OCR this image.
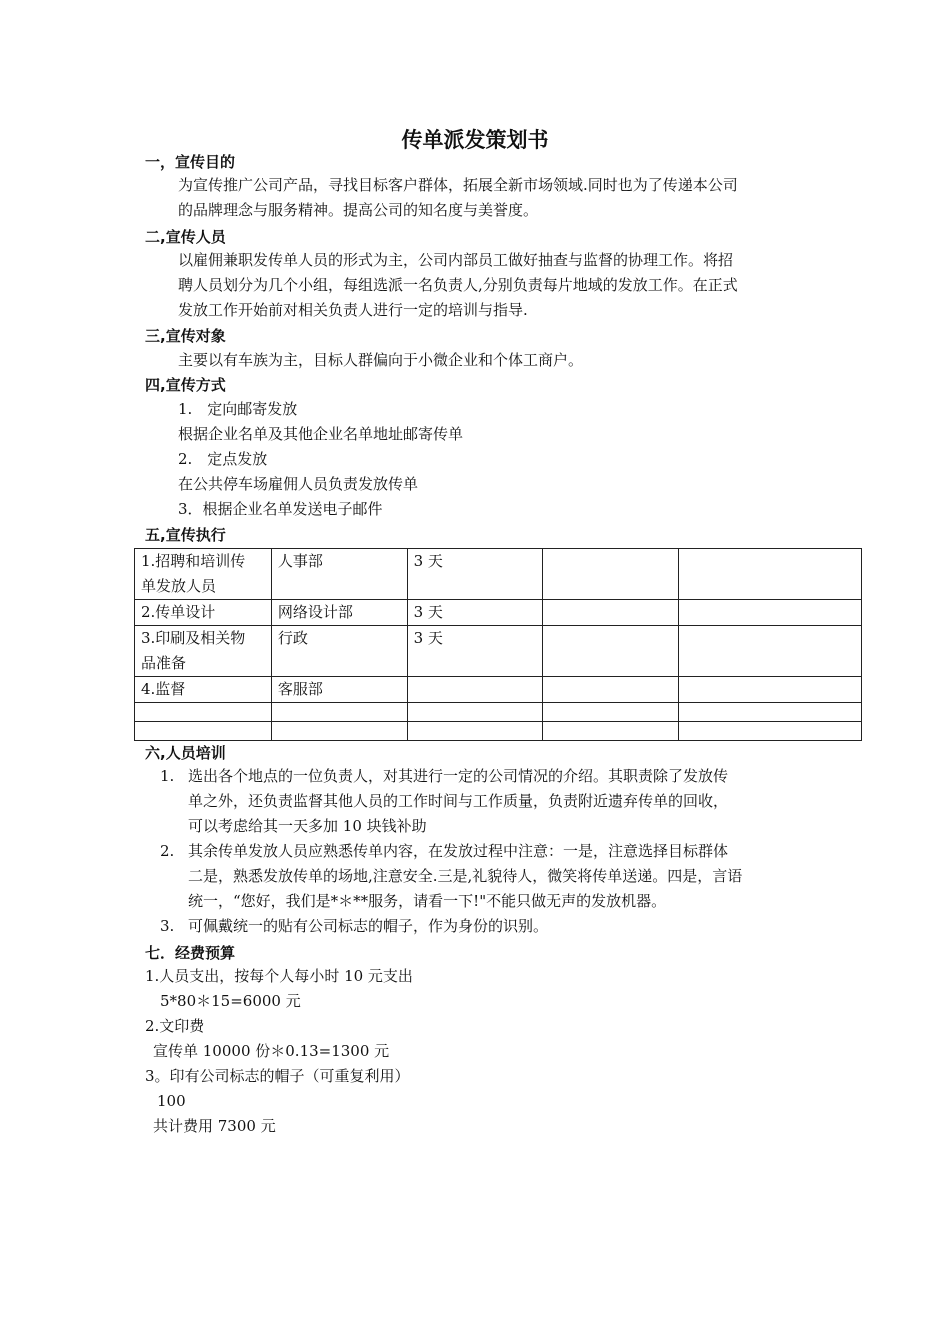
传单派发策划书
一，宣传目的
为宣传推广公司产品，寻找目标客户群体，拓展全新市场领域.同时也为了传递本公司
的品牌理念与服务精神。提高公司的知名度与美誉度。
二,宣传人员
以雇佣兼职发传单人员的形式为主，公司内部员工做好抽查与监督的协理工作。将招
聘人员划分为几个小组，每组选派一名负责人,分别负责每片地域的发放工作。在正式
发放工作开始前对相关负责人进行一定的培训与指导.
三,宣传对象
主要以有车族为主，目标人群偏向于小微企业和个体工商户。
四,宣传方式
1.　定向邮寄发放
根据企业名单及其他企业名单地址邮寄传单
2.　定点发放
在公共停车场雇佣人员负责发放传单
3．根据企业名单发送电子邮件
五,宣传执行
1.招聘和培训传
单发放人员	人事部	3 天		
2.传单设计	网络设计部	3 天		

3.印刷及相关物
品准备	行政	3 天		
4.监督	客服部			

六,人员培训
1. 选出各个地点的一位负责人，对其进行一定的公司情况的介绍。其职责除了发放传
单之外，还负责监督其他人员的工作时间与工作质量，负责附近遗弃传单的回收，
可以考虑给其一天多加 10 块钱补助
2. 其余传单发放人员应熟悉传单内容，在发放过程中注意：一是，注意选择目标群体
二是，熟悉发放传单的场地,注意安全.三是,礼貌待人，微笑将传单送递。四是，言语
统一，“您好，我们是*＊**服务，请看一下!"不能只做无声的发放机器。
3. 可佩戴统一的贴有公司标志的帽子，作为身份的识别。
七．经费预算
1.人员支出，按每个人每小时 10 元支出
5*80＊15=6000 元
2.文印费
宣传单 10000 份＊0.13=1300 元
3。印有公司标志的帽子（可重复利用）
100
共计费用 7300 元
